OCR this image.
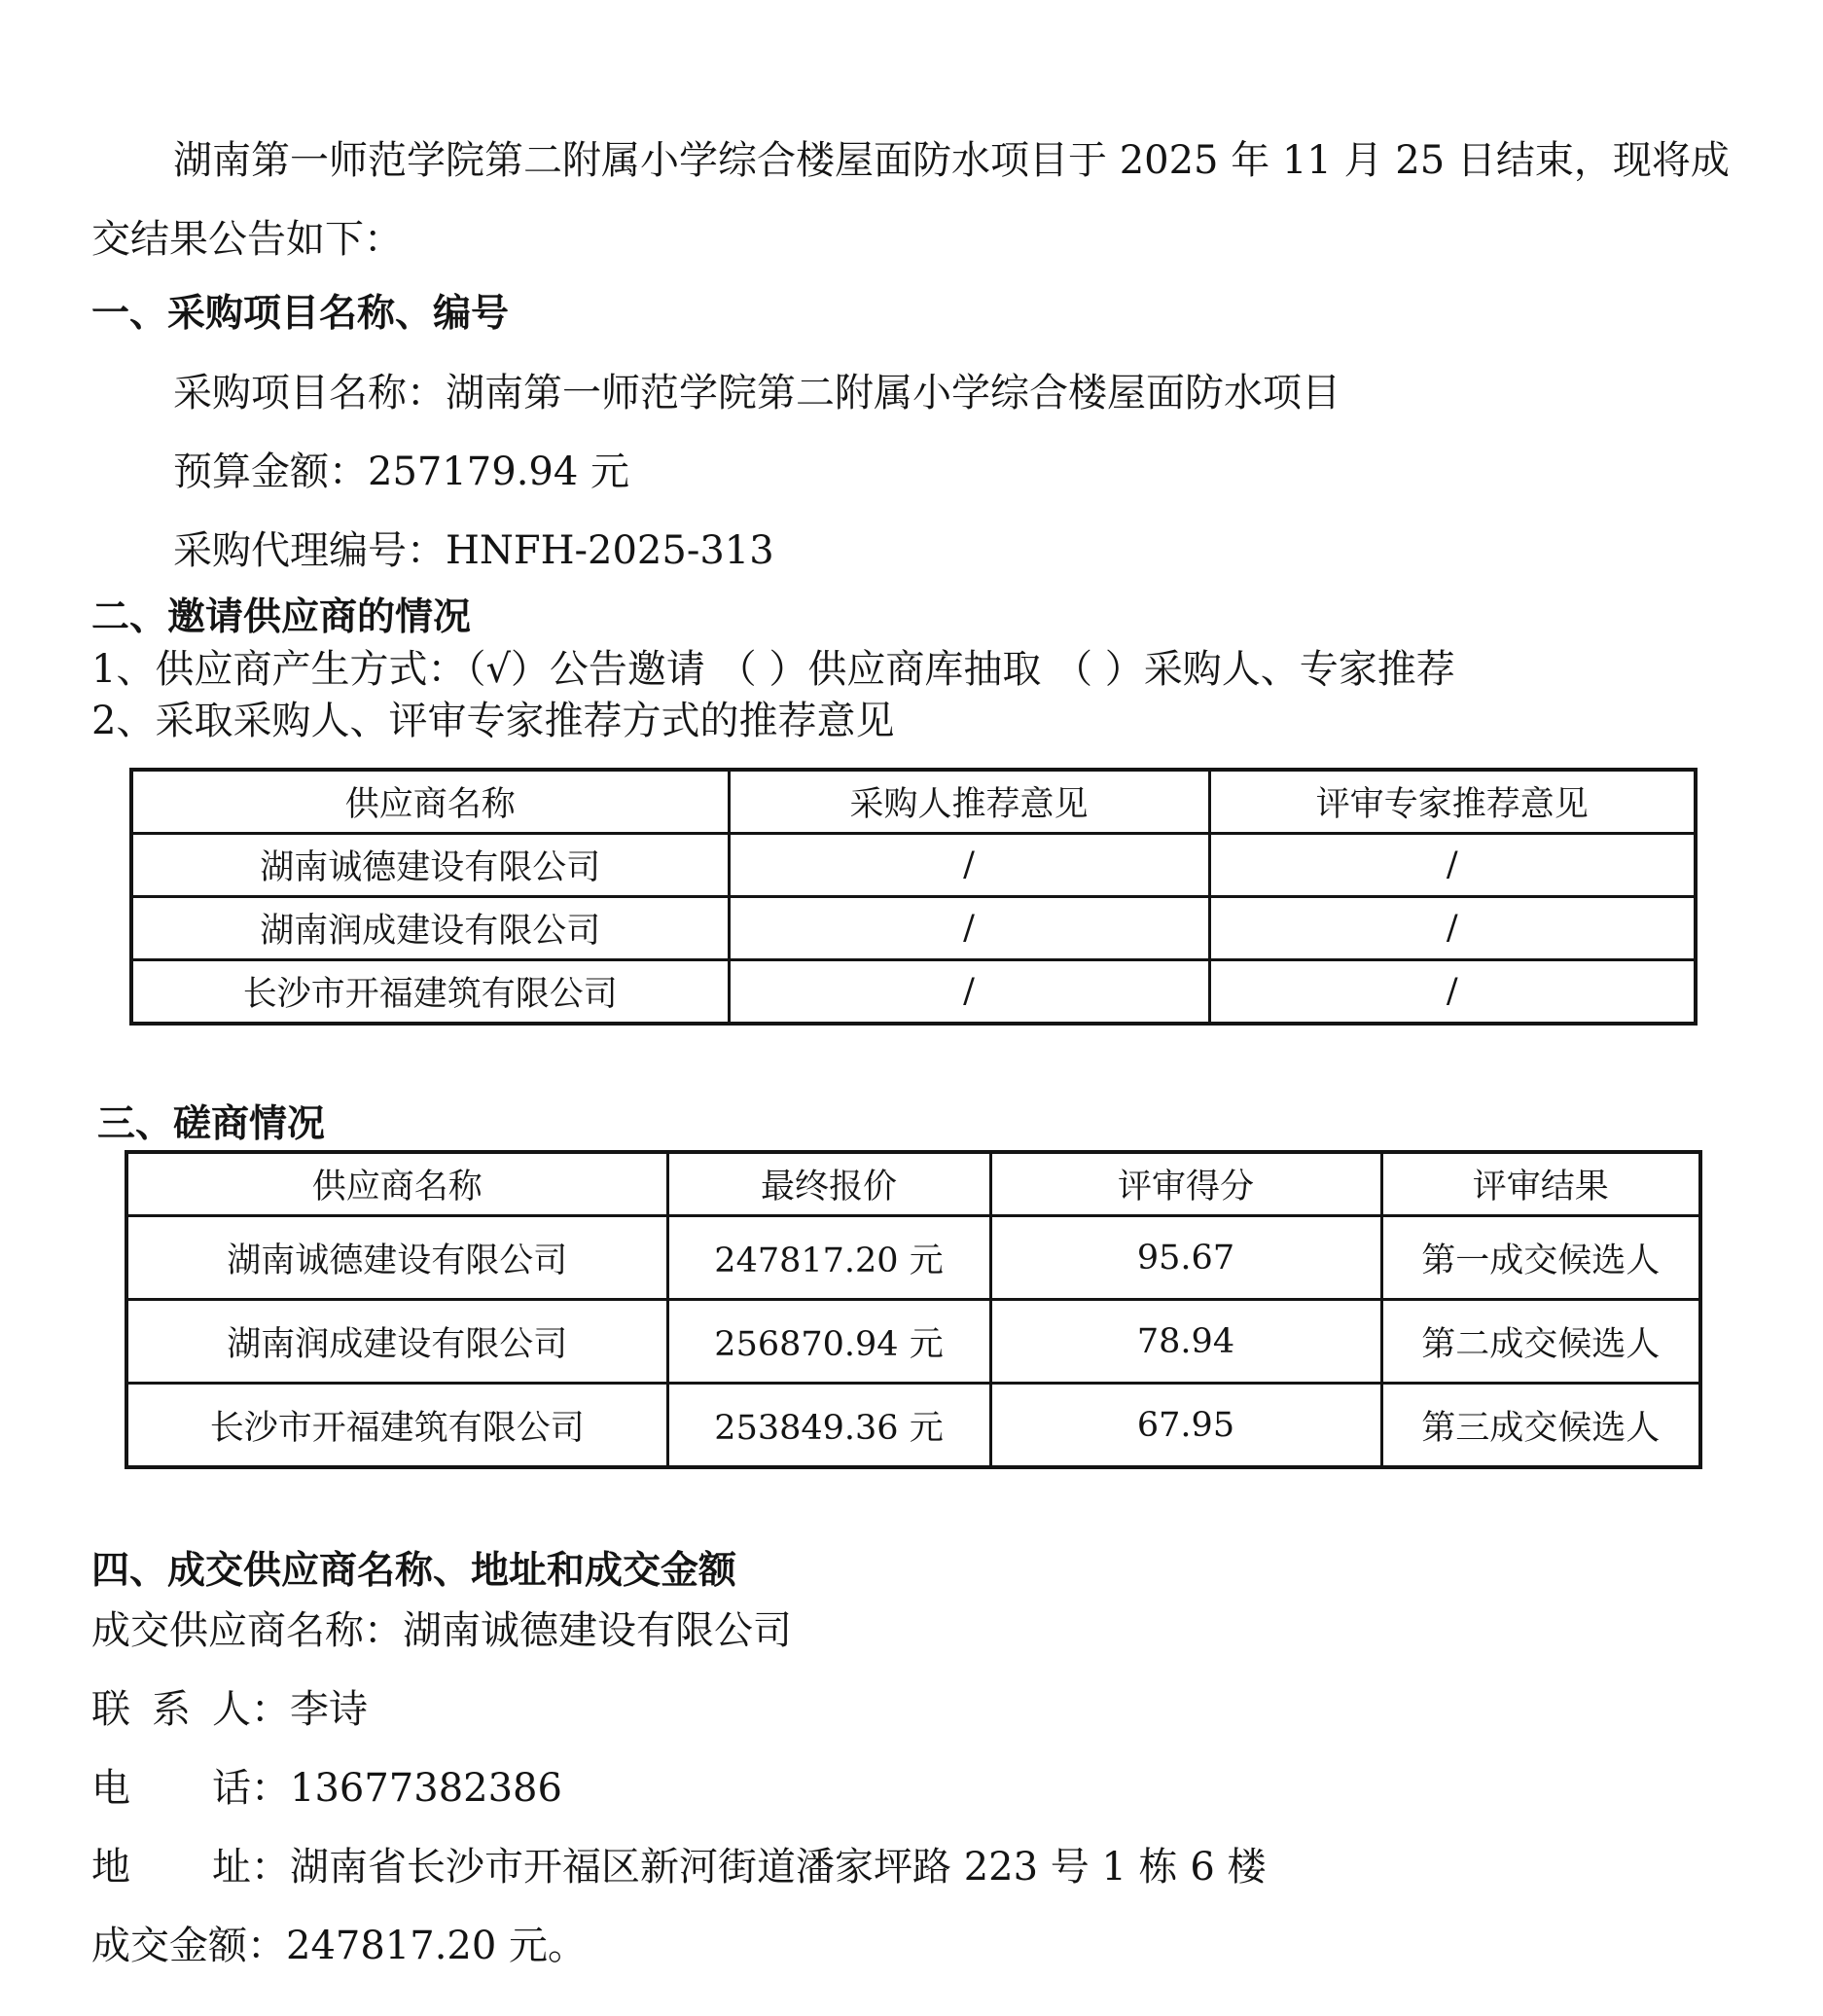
湖南第一师范学院第二附属小学综合楼屋面防水项目于 2025 年 11 月 25 日结束，现将成

交结果公告如下：

一、采购项目名称、编号

采购项目名称：湖南第一师范学院第二附属小学综合楼屋面防水项目

预算金额：257179.94 元

采购代理编号：HNFH-2025-313

二、邀请供应商的情况

1、供应商产生方式：（√）公告邀请 （ ）供应商库抽取 （ ）采购人、专家推荐

2、采取采购人、评审专家推荐方式的推荐意见

供应商名称	采购人推荐意见	评审专家推荐意见
湖南诚德建设有限公司	/	/
湖南润成建设有限公司	/	/
长沙市开福建筑有限公司	/	/

三、磋商情况

供应商名称	最终报价	评审得分	评审结果
湖南诚德建设有限公司	247817.20 元	95.67	第一成交候选人
湖南润成建设有限公司	256870.94 元	78.94	第二成交候选人
长沙市开福建筑有限公司	253849.36 元	67.95	第三成交候选人

四、成交供应商名称、地址和成交金额

成交供应商名称：湖南诚德建设有限公司

联 系 人：李诗

电 话：13677382386

地 址：湖南省长沙市开福区新河街道潘家坪路 223 号 1 栋 6 楼

成交金额：247817.20 元。
